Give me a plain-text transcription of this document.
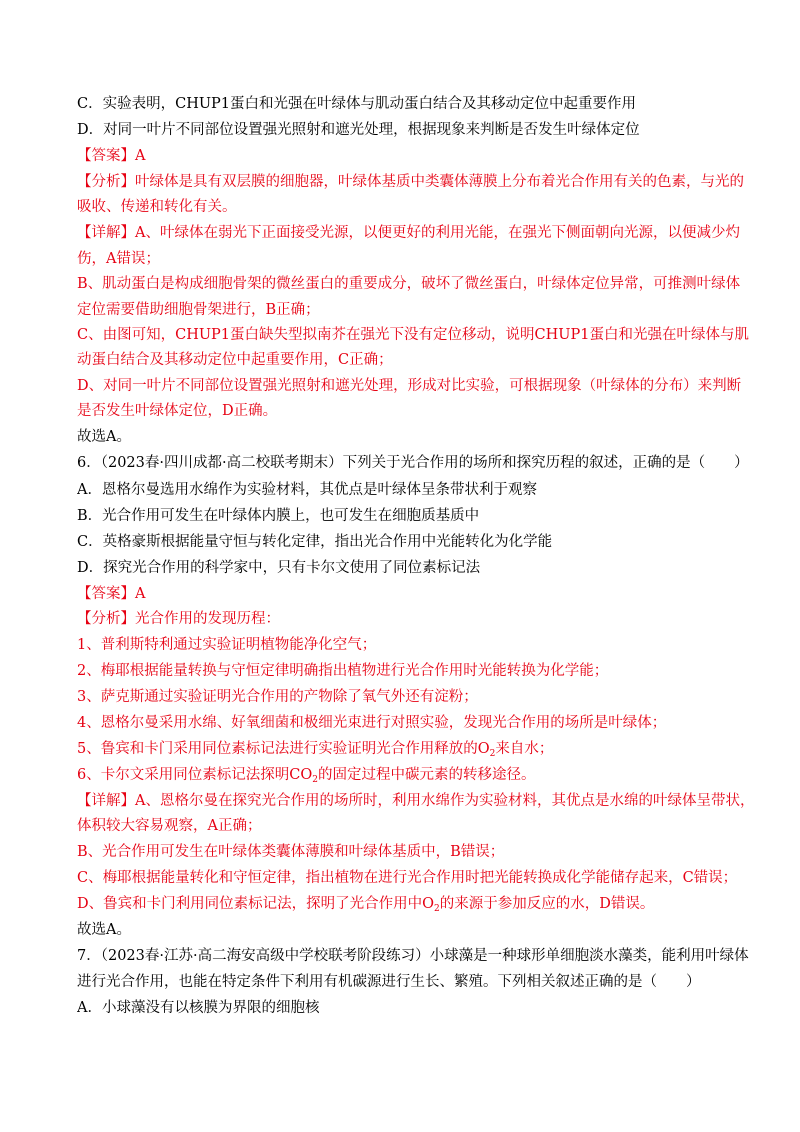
C．实验表明，CHUP1蛋白和光强在叶绿体与肌动蛋白结合及其移动定位中起重要作用
D．对同一叶片不同部位设置强光照射和遮光处理，根据现象来判断是否发生叶绿体定位
【答案】A
【分析】叶绿体是具有双层膜的细胞器，叶绿体基质中类囊体薄膜上分布着光合作用有关的色素，与光的
吸收、传递和转化有关。
【详解】A、叶绿体在弱光下正面接受光源，以便更好的利用光能，在强光下侧面朝向光源，以便减少灼
伤，A错误；
B、肌动蛋白是构成细胞骨架的微丝蛋白的重要成分，破坏了微丝蛋白，叶绿体定位异常，可推测叶绿体
定位需要借助细胞骨架进行，B正确；
C、由图可知，CHUP1蛋白缺失型拟南芥在强光下没有定位移动，说明CHUP1蛋白和光强在叶绿体与肌
动蛋白结合及其移动定位中起重要作用，C正确；
D、对同一叶片不同部位设置强光照射和遮光处理，形成对比实验，可根据现象（叶绿体的分布）来判断
是否发生叶绿体定位，D正确。
故选A。
6．（2023春·四川成都·高二校联考期末）下列关于光合作用的场所和探究历程的叙述，正确的是（　　）
A．恩格尔曼选用水绵作为实验材料，其优点是叶绿体呈条带状利于观察
B．光合作用可发生在叶绿体内膜上，也可发生在细胞质基质中
C．英格豪斯根据能量守恒与转化定律，指出光合作用中光能转化为化学能
D．探究光合作用的科学家中，只有卡尔文使用了同位素标记法
【答案】A
【分析】光合作用的发现历程：
1、普利斯特利通过实验证明植物能净化空气；
2、梅耶根据能量转换与守恒定律明确指出植物进行光合作用时光能转换为化学能；
3、萨克斯通过实验证明光合作用的产物除了氧气外还有淀粉；
4、恩格尔曼采用水绵、好氧细菌和极细光束进行对照实验，发现光合作用的场所是叶绿体；
5、鲁宾和卡门采用同位素标记法进行实验证明光合作用释放的$O_2$来自水；
6、卡尔文采用同位素标记法探明$CO_2$的固定过程中碳元素的转移途径。
【详解】A、恩格尔曼在探究光合作用的场所时，利用水绵作为实验材料，其优点是水绵的叶绿体呈带状，
体积较大容易观察，A正确；
B、光合作用可发生在叶绿体类囊体薄膜和叶绿体基质中，B错误；
C、梅耶根据能量转化和守恒定律，指出植物在进行光合作用时把光能转换成化学能储存起来，C错误；
D、鲁宾和卡门利用同位素标记法，探明了光合作用中$O_2$的来源于参加反应的水，D错误。
故选A。
7．（2023春·江苏·高二海安高级中学校联考阶段练习）小球藻是一种球形单细胞淡水藻类，能利用叶绿体
进行光合作用，也能在特定条件下利用有机碳源进行生长、繁殖。下列相关叙述正确的是（　　）
A．小球藻没有以核膜为界限的细胞核
